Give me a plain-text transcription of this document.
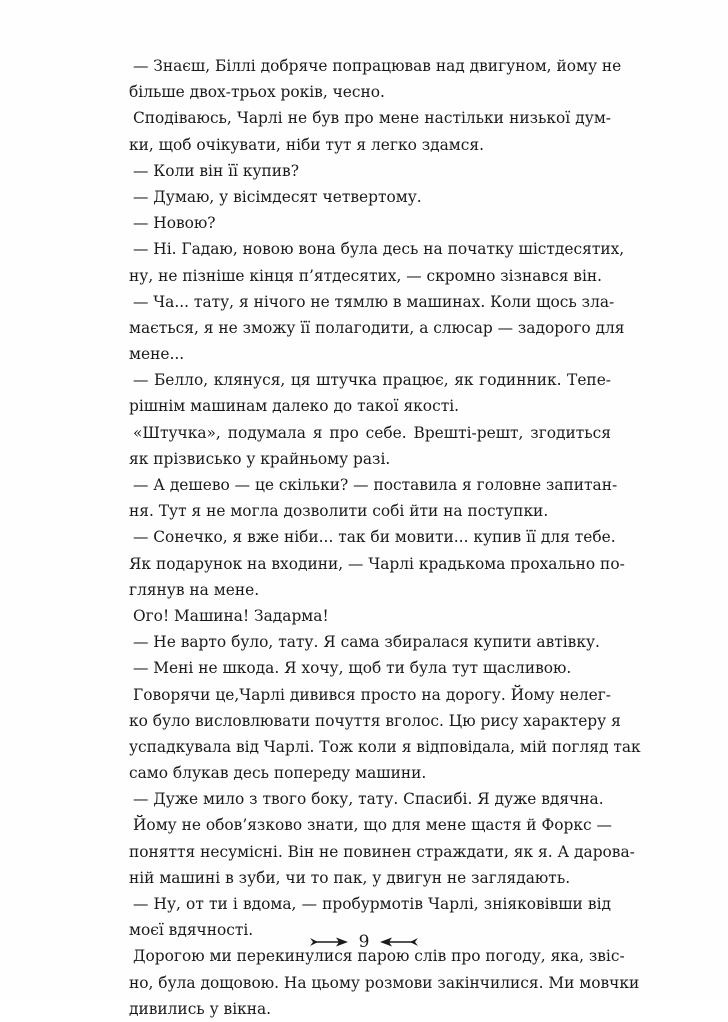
— Знаєш, Біллі добряче попрацював над двигуном, йому не
більше двох-трьох років, чесно.
Сподіваюсь, Чарлі не був про мене настільки низької дум-
ки, щоб очікувати, ніби тут я легко здамся.
— Коли він її купив?
— Думаю, у вісімдесят четвертому.
— Новою?
— Ні. Гадаю, новою вона була десь на початку шістдесятих,
ну, не пізніше кінця п’ятдесятих, — скромно зізнався він.
— Ча... тату, я нічого не тямлю в машинах. Коли щось зла-
мається, я не зможу її полагодити, а слюсар — задорого для
мене...
— Белло, клянуся, ця штучка працює, як годинник. Тепе-
рішнім машинам далеко до такої якості.
«Штучка», подумала я про себе. Врешті-решт, згодиться
як прізвисько у крайньому разі.
— А дешево — це скільки? — поставила я головне запитан-
ня. Тут я не могла дозволити собі йти на поступки.
— Сонечко, я вже ніби... так би мовити... купив її для тебе.
Як подарунок на входини, — Чарлі крадькома прохально по-
глянув на мене.
Ого! Машина! Задарма!
— Не варто було, тату. Я сама збиралася купити автівку.
— Мені не шкода. Я хочу, щоб ти була тут щасливою.
Говорячи це,Чарлі дивився просто на дорогу. Йому нелег-
ко було висловлювати почуття вголос. Цю рису характеру я
успадкувала від Чарлі. Тож коли я відповідала, мій погляд так
само блукав десь попереду машини.
— Дуже мило з твого боку, тату. Спасибі. Я дуже вдячна.
Йому не обов’язково знати, що для мене щастя й Форкс —
поняття несумісні. Він не повинен страждати, як я. А даровa-
ній машині в зуби, чи то пак, у двигун не заглядають.
— Ну, от ти і вдома, — пробурмотів Чарлі, зніяковівши від
моєї вдячності.
Дорогою ми перекинулися парою слів про погоду, яка, звіс-
но, була дощовою. На цьому розмови закінчилися. Ми мовчки
дивились у вікна.
9
